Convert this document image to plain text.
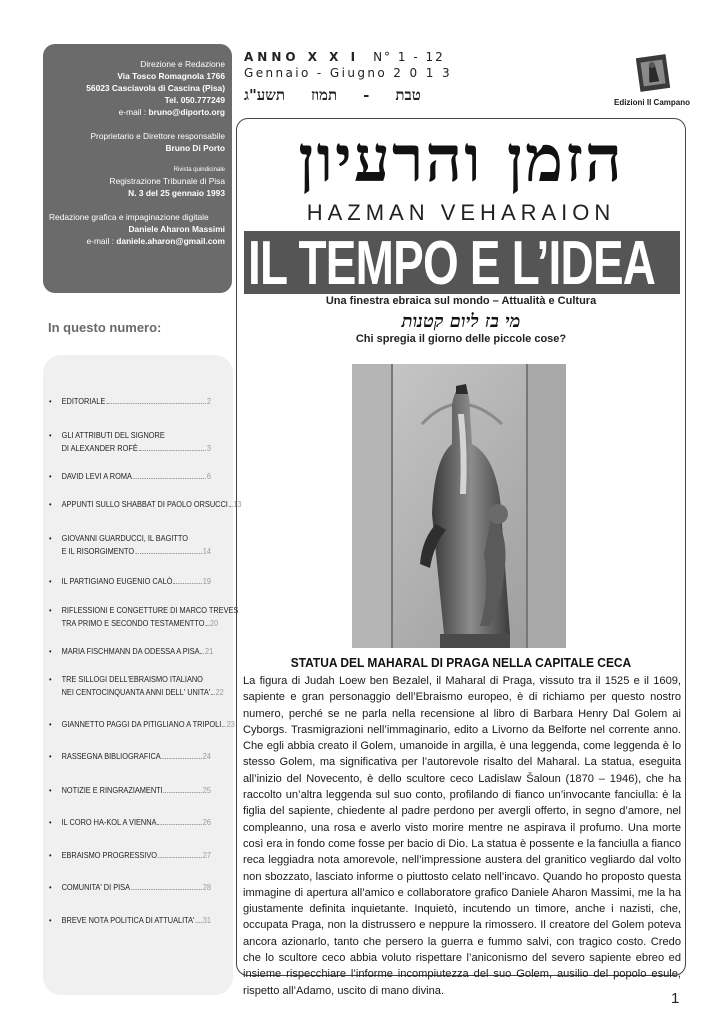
Direzione e Redazione
Via Tosco Romagnola 1766
56023 Casciavola di Cascina (Pisa)
Tel. 050.777249
e-mail : bruno@diporto.org
Proprietario e Direttore responsabile
Bruno Di Porto
Rivista quindicinale
Registrazione Tribunale di Pisa
N. 3 del 25 gennaio 1993
Redazione grafica e impaginazione digitale
Daniele Aharon Massimi
e-mail : daniele.aharon@gmail.com
In questo numero:
• EDITORIALE	2
• GLI ATTRIBUTI DEL SIGNORE
DI ALEXANDER ROFÈ	3
• DAVID LEVI A ROMA	6
• APPUNTI SULLO SHABBAT DI PAOLO ORSUCCI 13
• GIOVANNI GUARDUCCI, IL BAGITTO
E IL RISORGIMENTO	14
• IL PARTIGIANO EUGENIO CALÒ	19
• RIFLESSIONI E CONGETTURE DI MARCO TREVES
TRA PRIMO E SECONDO TESTAMENTTO 20
• MARIA FISCHMANN DA ODESSA A PISA 21
• TRE SILLOGI DELL'EBRAISMO ITALIANO
NEI CENTOCINQUANTA ANNI DELL' UNITA' 22
• GIANNETTO PAGGI DA PITIGLIANO A TRIPOLI 23
• RASSEGNA BIBLIOGRAFICA	24
• NOTIZIE E RINGRAZIAMENTI	25
• IL CORO HA-KOL A VIENNA	26
• EBRAISMO PROGRESSIVO	27
• COMUNITA' DI PISA	28
• BREVE NOTA POLITICA DI ATTUALITA' 31
ANNO X X I N° 1 - 12
Gennaio - Giugno 2 0 1 3
טבת-תמוזתשע"ג	Edizioni Il Campano
הזמן והרעיון
HAZMAN VEHARAION
IL TEMPO E L’IDEA
Una finestra ebraica sul mondo – Attualità e Cultura
מי בז ליום קטנות
Chi spregia il giorno delle piccole cose?
STATUA DEL MAHARAL DI PRAGA NELLA CAPITALE CECA

La figura di Judah Loew ben Bezalel, il Maharal di Praga, vissuto tra il 1525 e il 1609, sapiente e gran personaggio dell’Ebraismo europeo, è di richiamo per questo nostro numero, perché se ne parla nella recensione al libro di Barbara Henry Dal Golem ai Cyborgs. Trasmigrazioni nell’immaginario, edito a Livorno da Belforte nel corrente anno. Che egli abbia creato il Golem, umanoide in argilla, è una leggenda, come leggenda è lo stesso Golem, ma significativa per l’autorevole risalto del Maharal. La statua, eseguita all’inizio del Novecento, è dello scultore ceco Ladislaw Šaloun (1870 – 1946), che ha raccolto un’altra leggenda sul suo conto, profilando di fianco un’invocante fanciulla: è la figlia del sapiente, chiedente al padre perdono per avergli offerto, in segno d’amore, nel compleanno, una rosa e averlo visto morire mentre ne aspirava il profumo. Una morte così era in fondo come fosse per bacio di Dio. La statua è possente e la fanciulla a fianco reca leggiadra nota amorevole, nell’impressione austera del granitico vegliardo dal volto non sbozzato, lasciato informe o piuttosto celato nell’incavo. Quando ho proposto questa immagine di apertura all’amico e collaboratore grafico Daniele Aharon Massimi, me la ha giustamente definita inquietante. Inquietò, incutendo un timore, anche i nazisti, che, occupata Praga, non la distrussero e neppure la rimossero. Il creatore del Golem poteva ancora azionarlo, tanto che persero la guerra e fummo salvi, con tragico costo. Credo che lo scultore ceco abbia voluto rispettare l’aniconismo del severo sapiente ebreo ed insieme rispecchiare l’informe incompiutezza del suo Golem, ausilio del popolo esule, rispetto all’Adamo, uscito di mano divina.	1
